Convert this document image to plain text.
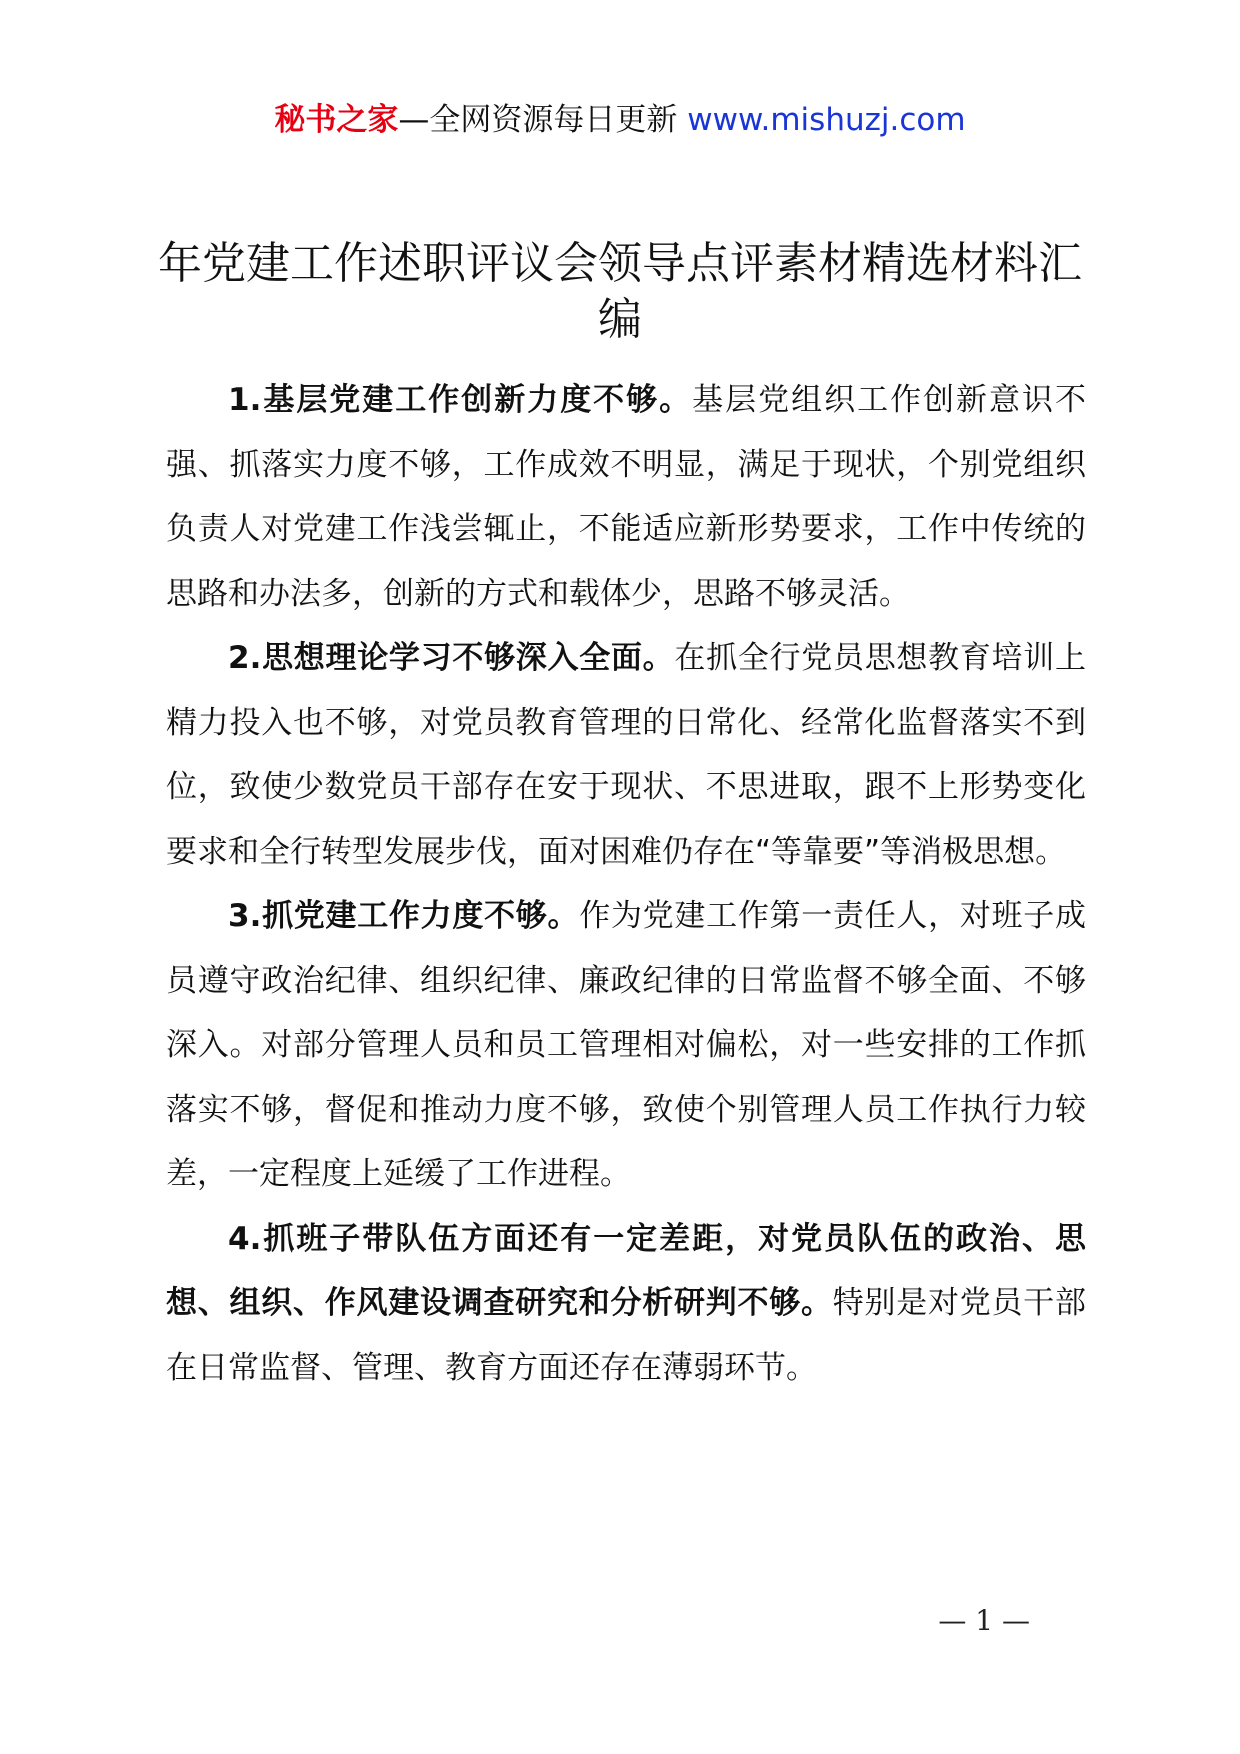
秘书之家—全网资源每日更新 www.mishuzj.com
年党建工作述职评议会领导点评素材精选材料汇编

1.基层党建工作创新力度不够。基层党组织工作创新意识不强、抓落实力度不够，工作成效不明显，满足于现状，个别党组织负责人对党建工作浅尝辄止，不能适应新形势要求，工作中传统的思路和办法多，创新的方式和载体少，思路不够灵活。

2.思想理论学习不够深入全面。在抓全行党员思想教育培训上精力投入也不够，对党员教育管理的日常化、经常化监督落实不到位，致使少数党员干部存在安于现状、不思进取，跟不上形势变化要求和全行转型发展步伐，面对困难仍存在“等靠要”等消极思想。

3.抓党建工作力度不够。作为党建工作第一责任人，对班子成员遵守政治纪律、组织纪律、廉政纪律的日常监督不够全面、不够深入。对部分管理人员和员工管理相对偏松，对一些安排的工作抓落实不够，督促和推动力度不够，致使个别管理人员工作执行力较差，一定程度上延缓了工作进程。

4.抓班子带队伍方面还有一定差距，对党员队伍的政治、思想、组织、作风建设调查研究和分析研判不够。特别是对党员干部在日常监督、管理、教育方面还存在薄弱环节。

— 1 —
